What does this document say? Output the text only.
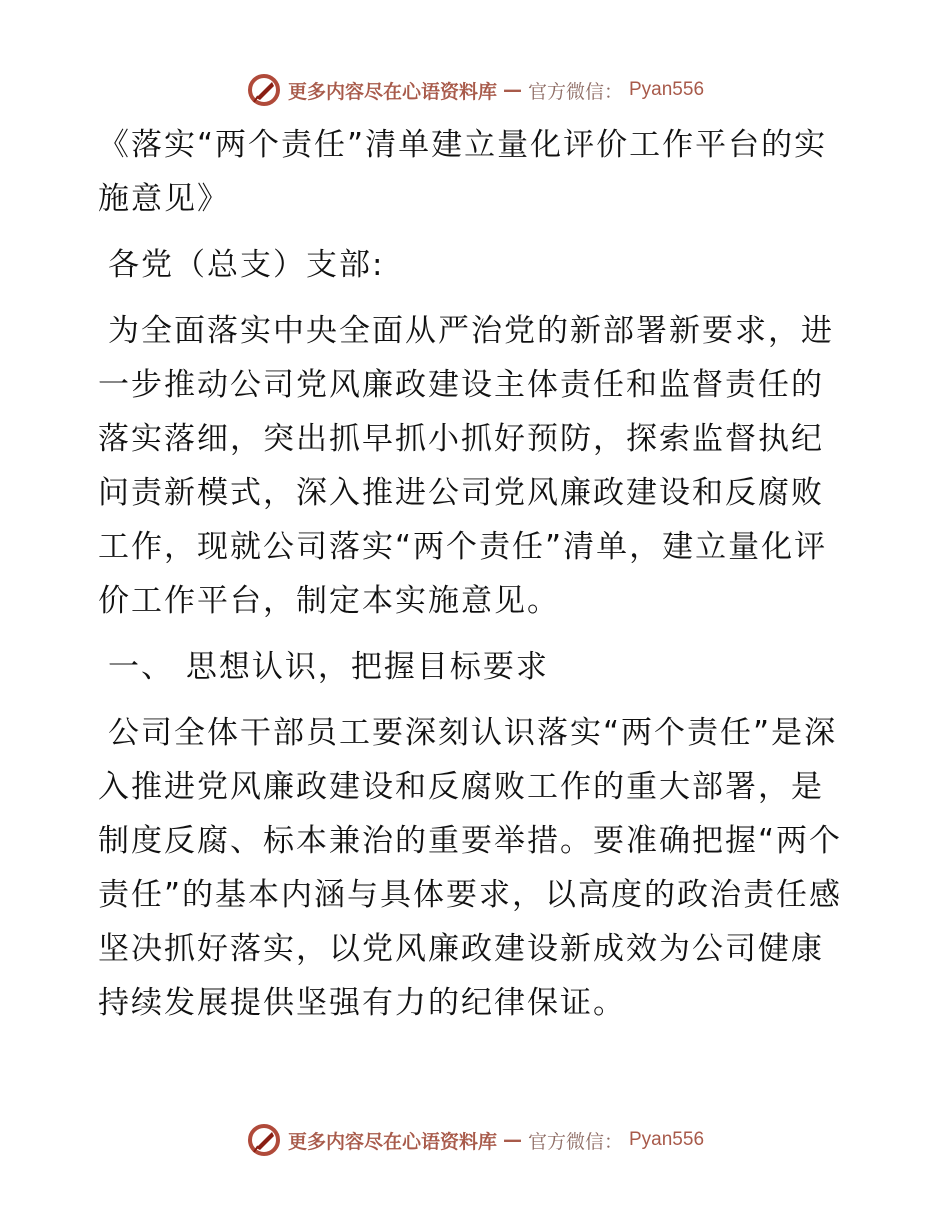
更多内容尽在心语资料库 — 官方微信： Pyan556

《落实“两个责任”清单建立量化评价工作平台的实施意见》

各党（总支）支部:

为全面落实中央全面从严治党的新部署新要求，进一步推动公司党风廉政建设主体责任和监督责任的落实落细，突出抓早抓小抓好预防，探索监督执纪问责新模式，深入推进公司党风廉政建设和反腐败工作，现就公司落实“两个责任”清单，建立量化评价工作平台，制定本实施意见。

一、 思想认识，把握目标要求

公司全体干部员工要深刻认识落实“两个责任”是深入推进党风廉政建设和反腐败工作的重大部署，是制度反腐、标本兼治的重要举措。要准确把握“两个责任”的基本内涵与具体要求，以高度的政治责任感坚决抓好落实，以党风廉政建设新成效为公司健康持续发展提供坚强有力的纪律保证。

更多内容尽在心语资料库 — 官方微信： Pyan556
